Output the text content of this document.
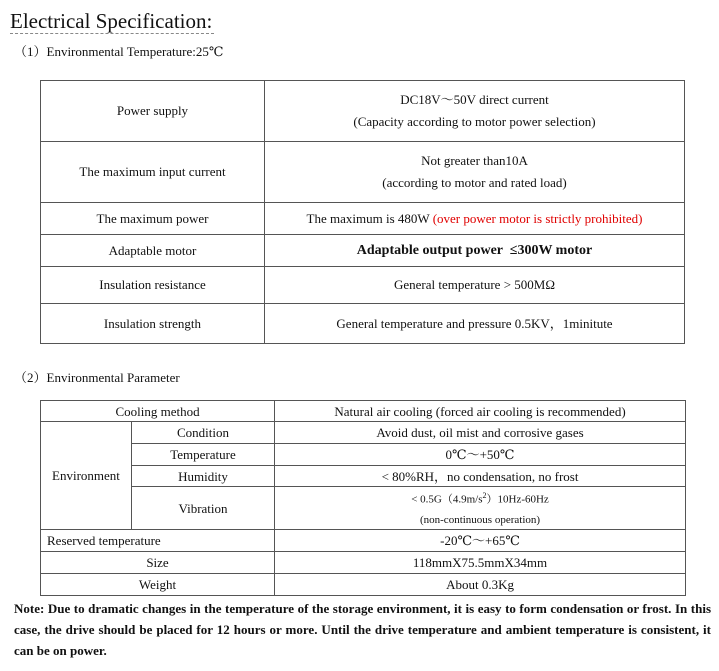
Electrical Specification:
（1）Environmental Temperature:25℃
Power supply	DC18V～50V direct current
(Capacity according to motor power selection)

The maximum input current	Not greater than10A
(according to motor and rated load)

The maximum power	The maximum is 480W (over power motor is strictly prohibited)
Adaptable motor	Adaptable output power  ≤300W motor
Insulation resistance	General temperature > 500MΩ
Insulation strength	General temperature and pressure 0.5KV，1minitute
（2）Environmental Parameter
Cooling method		Natural air cooling (forced air cooling is recommended)
Environment	Condition	Avoid dust, oil mist and corrosive gases
	Temperature	0℃～+50℃
	Humidity	< 80%RH，no condensation, no frost
	Vibration	< $0.5G(4.9m/s^2)10Hz-60Hz$
(non-continuous operation)

Reserved temperature		-20℃～+65℃
Size		118mmX75.5mmX34mm
Weight		About 0.3Kg
Note: Due to dramatic changes in the temperature of the storage environment, it is easy to form condensation or frost. In this case, the drive should be placed for 12 hours or more. Until the drive temperature and ambient temperature is consistent, it can be on power.
